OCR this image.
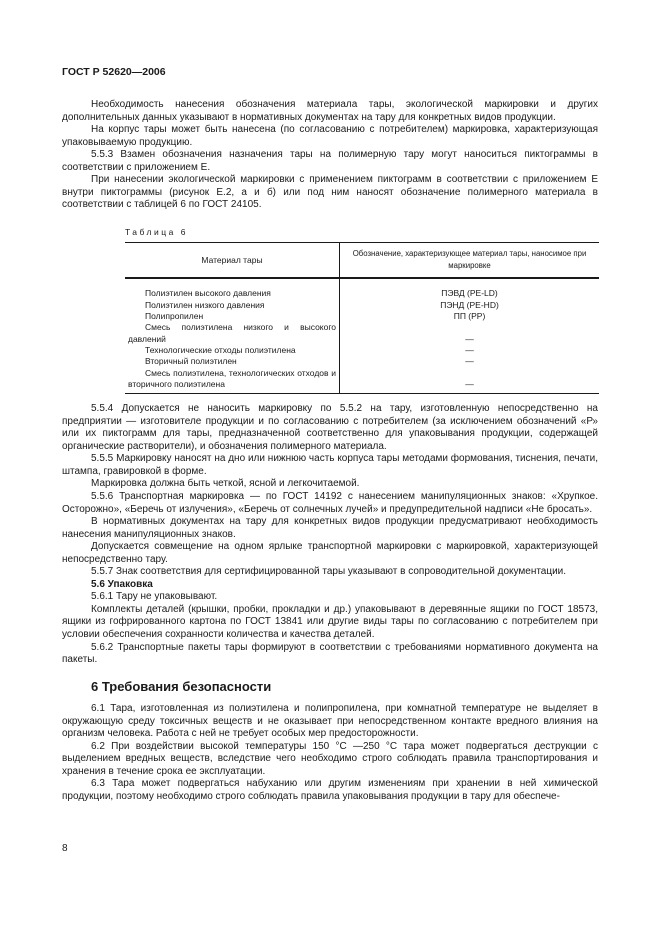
ГОСТ Р 52620—2006

Необходимость нанесения обозначения материала тары, экологической маркировки и других дополнительных данных указывают в нормативных документах на тару для конкретных видов продукции.

На корпус тары может быть нанесена (по согласованию с потребителем) маркировка, характеризующая упаковываемую продукцию.

5.5.3 Взамен обозначения назначения тары на полимерную тару могут наноситься пиктограммы в соответствии с приложением Е.

При нанесении экологической маркировки с применением пиктограмм в соответствии с приложением Е внутри пиктограммы (рисунок Е.2, а и б) или под ним наносят обозначение полимерного материала в соответствии с таблицей 6 по ГОСТ 24105.

Таблица 6
Материал тары	Обозначение, характеризующее материал тары, наносимое при маркировке

Полиэтилен высокого давления	ПЭВД (PE-LD)

Полиэтилен низкого давления	ПЭНД (PE-HD)

Полипропилен	ПП (PP)

Смесь полиэтилена низкого и высокого давлений	—

Технологические отходы полиэтилена	—

Вторичный полиэтилен	—

Смесь полиэтилена, технологических отходов и вторичного полиэтилена	—

5.5.4 Допускается не наносить маркировку по 5.5.2 на тару, изготовленную непосредственно на предприятии — изготовителе продукции и по согласованию с потребителем (за исключением обозначений «Р» или их пиктограмм для тары, предназначенной соответственно для упаковывания продукции, содержащей органические растворители), и обозначения полимерного материала.

5.5.5 Маркировку наносят на дно или нижнюю часть корпуса тары методами формования, тиснения, печати, штампа, гравировкой в форме.

Маркировка должна быть четкой, ясной и легкочитаемой.

5.5.6 Транспортная маркировка — по ГОСТ 14192 с нанесением манипуляционных знаков: «Хрупкое. Осторожно», «Беречь от излучения», «Беречь от солнечных лучей» и предупредительной надписи «Не бросать».

В нормативных документах на тару для конкретных видов продукции предусматривают необходимость нанесения манипуляционных знаков.

Допускается совмещение на одном ярлыке транспортной маркировки с маркировкой, характеризующей непосредственно тару.

5.5.7 Знак соответствия для сертифицированной тары указывают в сопроводительной документации.

5.6 Упаковка

5.6.1 Тару не упаковывают.

Комплекты деталей (крышки, пробки, прокладки и др.) упаковывают в деревянные ящики по ГОСТ 18573, ящики из гофрированного картона по ГОСТ 13841 или другие виды тары по согласованию с потребителем при условии обеспечения сохранности количества и качества деталей.

5.6.2 Транспортные пакеты тары формируют в соответствии с требованиями нормативного документа на пакеты.

6 Требования безопасности

6.1 Тара, изготовленная из полиэтилена и полипропилена, при комнатной температуре не выделяет в окружающую среду токсичных веществ и не оказывает при непосредственном контакте вредного влияния на организм человека. Работа с ней не требует особых мер предосторожности.

6.2 При воздействии высокой температуры 150 °С —250 °С тара может подвергаться деструкции с выделением вредных веществ, вследствие чего необходимо строго соблюдать правила транспортирования и хранения в течение срока ее эксплуатации.

6.3 Тара может подвергаться набуханию или другим изменениям при хранении в ней химической продукции, поэтому необходимо строго соблюдать правила упаковывания продукции в тару для обеспече-

8
